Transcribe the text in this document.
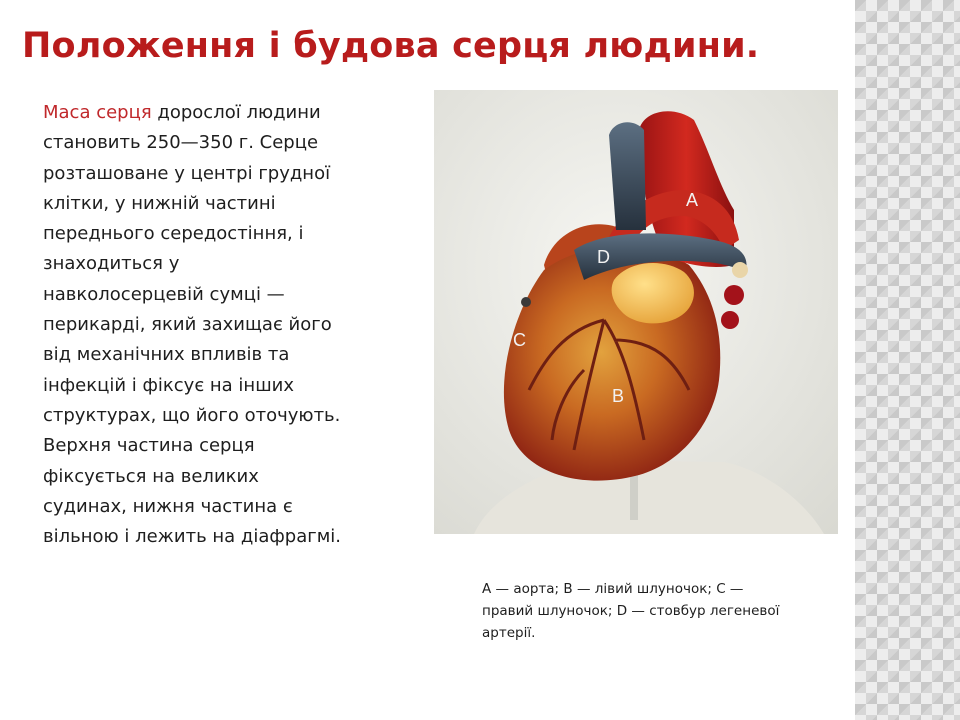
Положення і будова серця людини.
Маса серця дорослої людини становить 250—350 г. Серце розташоване у центрі грудної клітки, у нижній частині переднього середостіння, і знаходиться у навколосерцевій сумці — перикарді, який захищає його від механічних впливів та інфекцій і фіксує на інших структурах, що його оточують. Верхня частина серця фіксується на великих судинах, нижня частина є вільною і лежить на діафрагмі.
A
D
C
B
А — аорта; В — лівий шлуночок; С — правий шлуночок; D — стовбур легеневої артерії.
